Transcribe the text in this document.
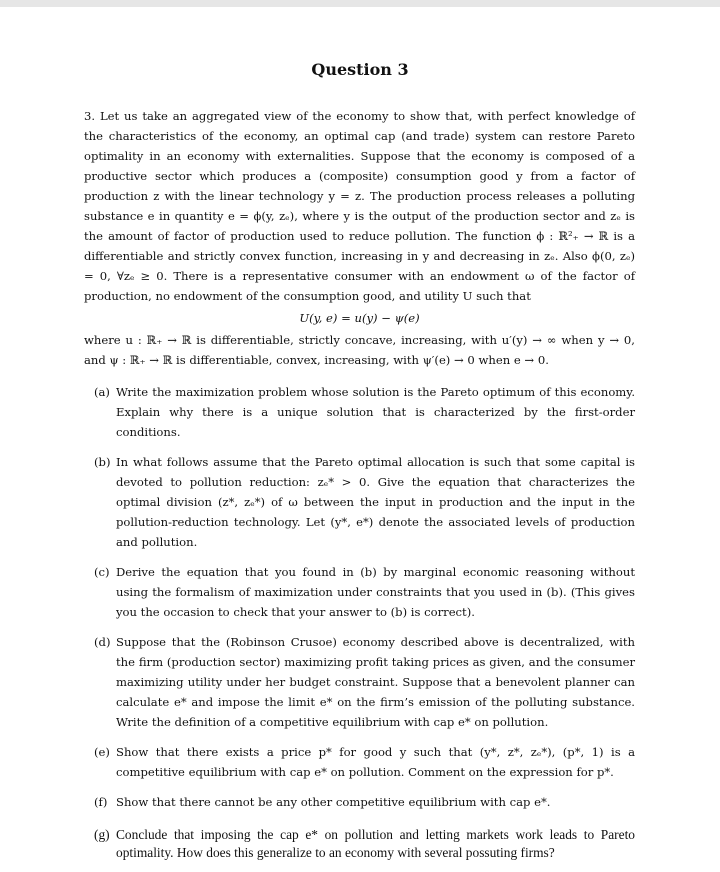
Question 3

3. Let us take an aggregated view of the economy to show that, with perfect knowledge of the characteristics of the economy, an optimal cap (and trade) system can restore Pareto optimality in an economy with externalities. Suppose that the economy is composed of a productive sector which produces a (composite) consumption good y from a factor of production z with the linear technology y = z. The production process releases a polluting substance e in quantity e = ϕ(y, zₑ), where y is the output of the production sector and zₑ is the amount of factor of production used to reduce pollution. The function ϕ : ℝ²₊ → ℝ is a differentiable and strictly convex function, increasing in y and decreasing in zₑ. Also ϕ(0, zₑ) = 0, ∀zₑ ≥ 0. There is a representative consumer with an endowment ω of the factor of production, no endowment of the consumption good, and utility U such that

U(y, e) = u(y) − ψ(e)

where u : ℝ₊ → ℝ is differentiable, strictly concave, increasing, with u′(y) → ∞ when y → 0, and ψ : ℝ₊ → ℝ is differentiable, convex, increasing, with ψ′(e) → 0 when e → 0.

(a) Write the maximization problem whose solution is the Pareto optimum of this economy. Explain why there is a unique solution that is characterized by the first-order conditions.
(b) In what follows assume that the Pareto optimal allocation is such that some capital is devoted to pollution reduction: zₑ* > 0. Give the equation that characterizes the optimal division (z*, zₑ*) of ω between the input in production and the input in the pollution-reduction technology. Let (y*, e*) denote the associated levels of production and pollution.
(c) Derive the equation that you found in (b) by marginal economic reasoning without using the formalism of maximization under constraints that you used in (b). (This gives you the occasion to check that your answer to (b) is correct).
(d) Suppose that the (Robinson Crusoe) economy described above is decentralized, with the firm (production sector) maximizing profit taking prices as given, and the consumer maximizing utility under her budget constraint. Suppose that a benevolent planner can calculate e* and impose the limit e* on the firm’s emission of the polluting substance. Write the definition of a competitive equilibrium with cap e* on pollution.
(e) Show that there exists a price p* for good y such that (y*, z*, zₑ*), (p*, 1) is a competitive equilibrium with cap e* on pollution. Comment on the expression for p*.
(f) Show that there cannot be any other competitive equilibrium with cap e*.
(g) Conclude that imposing the cap e* on pollution and letting markets work leads to Pareto optimality. How does this generalize to an economy with several possuting firms?
